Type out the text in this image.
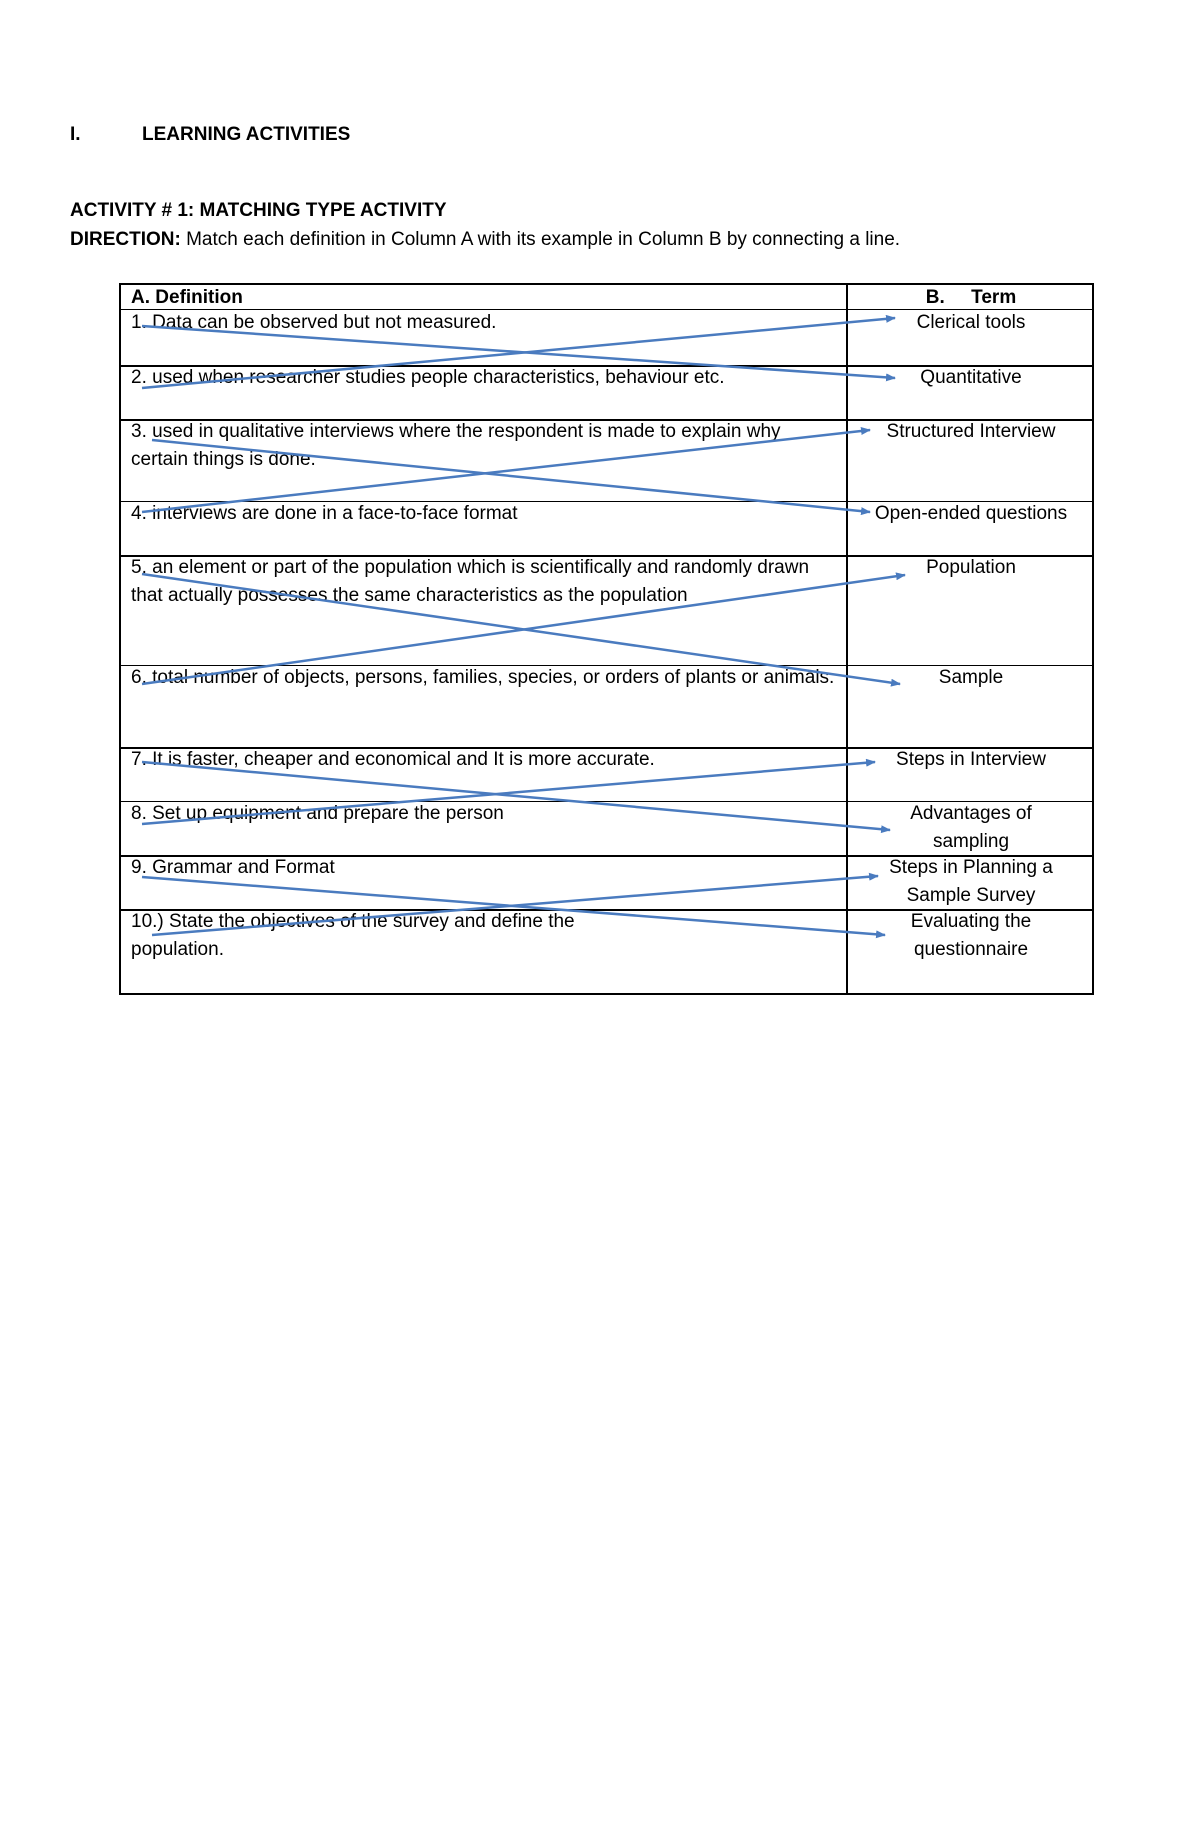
I.	LEARNING ACTIVITIES
ACTIVITY # 1: MATCHING TYPE ACTIVITY
DIRECTION: Match each definition in Column A with its example in Column B by connecting a line.
A. Definition	B.     Term
1. Data can be observed but not measured.
2. used when researcher studies people characteristics, behaviour etc.
3. used in qualitative interviews where the respondent is made to explain why certain things is done.
4. interviews are done in a face-to-face format
5. an element or part of the population which is scientifically and randomly drawn that actually possesses the same characteristics as the population
6. total number of objects, persons, families, species, or orders of plants or animals.
7. It is faster, cheaper and economical and It is more accurate.
8. Set up equipment and prepare the person
9. Grammar and Format
10.) State the objectives of the survey and define the population.
Clerical tools
Quantitative
Structured Interview
Open-ended questions
Population
Sample
Steps in Interview
Advantages of sampling
Steps in Planning a Sample Survey
Evaluating the questionnaire
